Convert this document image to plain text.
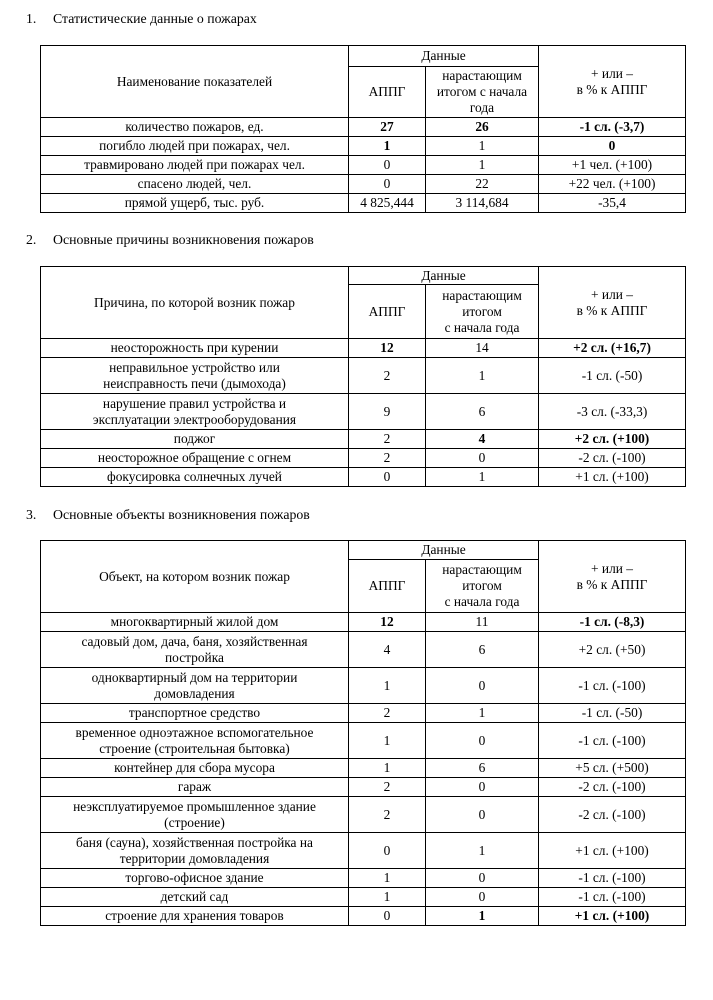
1. Статистические данные о пожарах
Наименование показателей	Данные		+ или –
в % к АППГ
	АППГ	нарастающим итогом с начала года	
количество пожаров, ед.	27	26	-1 сл. (-3,7)
погибло людей при пожарах, чел.	1	1	0
травмировано людей при пожарах чел.	0	1	+1 чел. (+100)
спасено людей, чел.	0	22	+22 чел. (+100)
прямой ущерб, тыс. руб.	4 825,444	3 114,684	-35,4
2. Основные причины возникновения пожаров
Причина, по которой возник пожар	Данные		+ или –
в % к АППГ
	АППГ	нарастающим
итогом
с начала года	
неосторожность при курении	12	14	+2 сл. (+16,7)
неправильное устройство или
неисправность печи (дымохода)	2	1	-1 сл. (-50)
нарушение правил устройства и
эксплуатации электрооборудования	9	6	-3 сл. (-33,3)
поджог	2	4	+2 сл. (+100)
неосторожное обращение с огнем	2	0	-2 сл. (-100)
фокусировка солнечных лучей	0	1	+1 сл. (+100)
3. Основные объекты возникновения пожаров
Объект, на котором возник пожар	Данные		+ или –
в % к АППГ
	АППГ	нарастающим
итогом
с начала года	
многоквартирный жилой дом	12	11	-1 сл. (-8,3)
садовый дом, дача, баня, хозяйственная
постройка	4	6	+2 сл. (+50)
одноквартирный дом на территории
домовладения	1	0	-1 сл. (-100)
транспортное средство	2	1	-1 сл. (-50)
временное одноэтажное вспомогательное
строение (строительная бытовка)	1	0	-1 сл. (-100)
контейнер для сбора мусора	1	6	+5 сл. (+500)
гараж	2	0	-2 сл. (-100)
неэксплуатируемое промышленное здание
(строение)	2	0	-2 сл. (-100)
баня (сауна), хозяйственная постройка на
территории домовладения	0	1	+1 сл. (+100)
торгово-офисное здание	1	0	-1 сл. (-100)
детский сад	1	0	-1 сл. (-100)
строение для хранения товаров	0	1	+1 сл. (+100)
